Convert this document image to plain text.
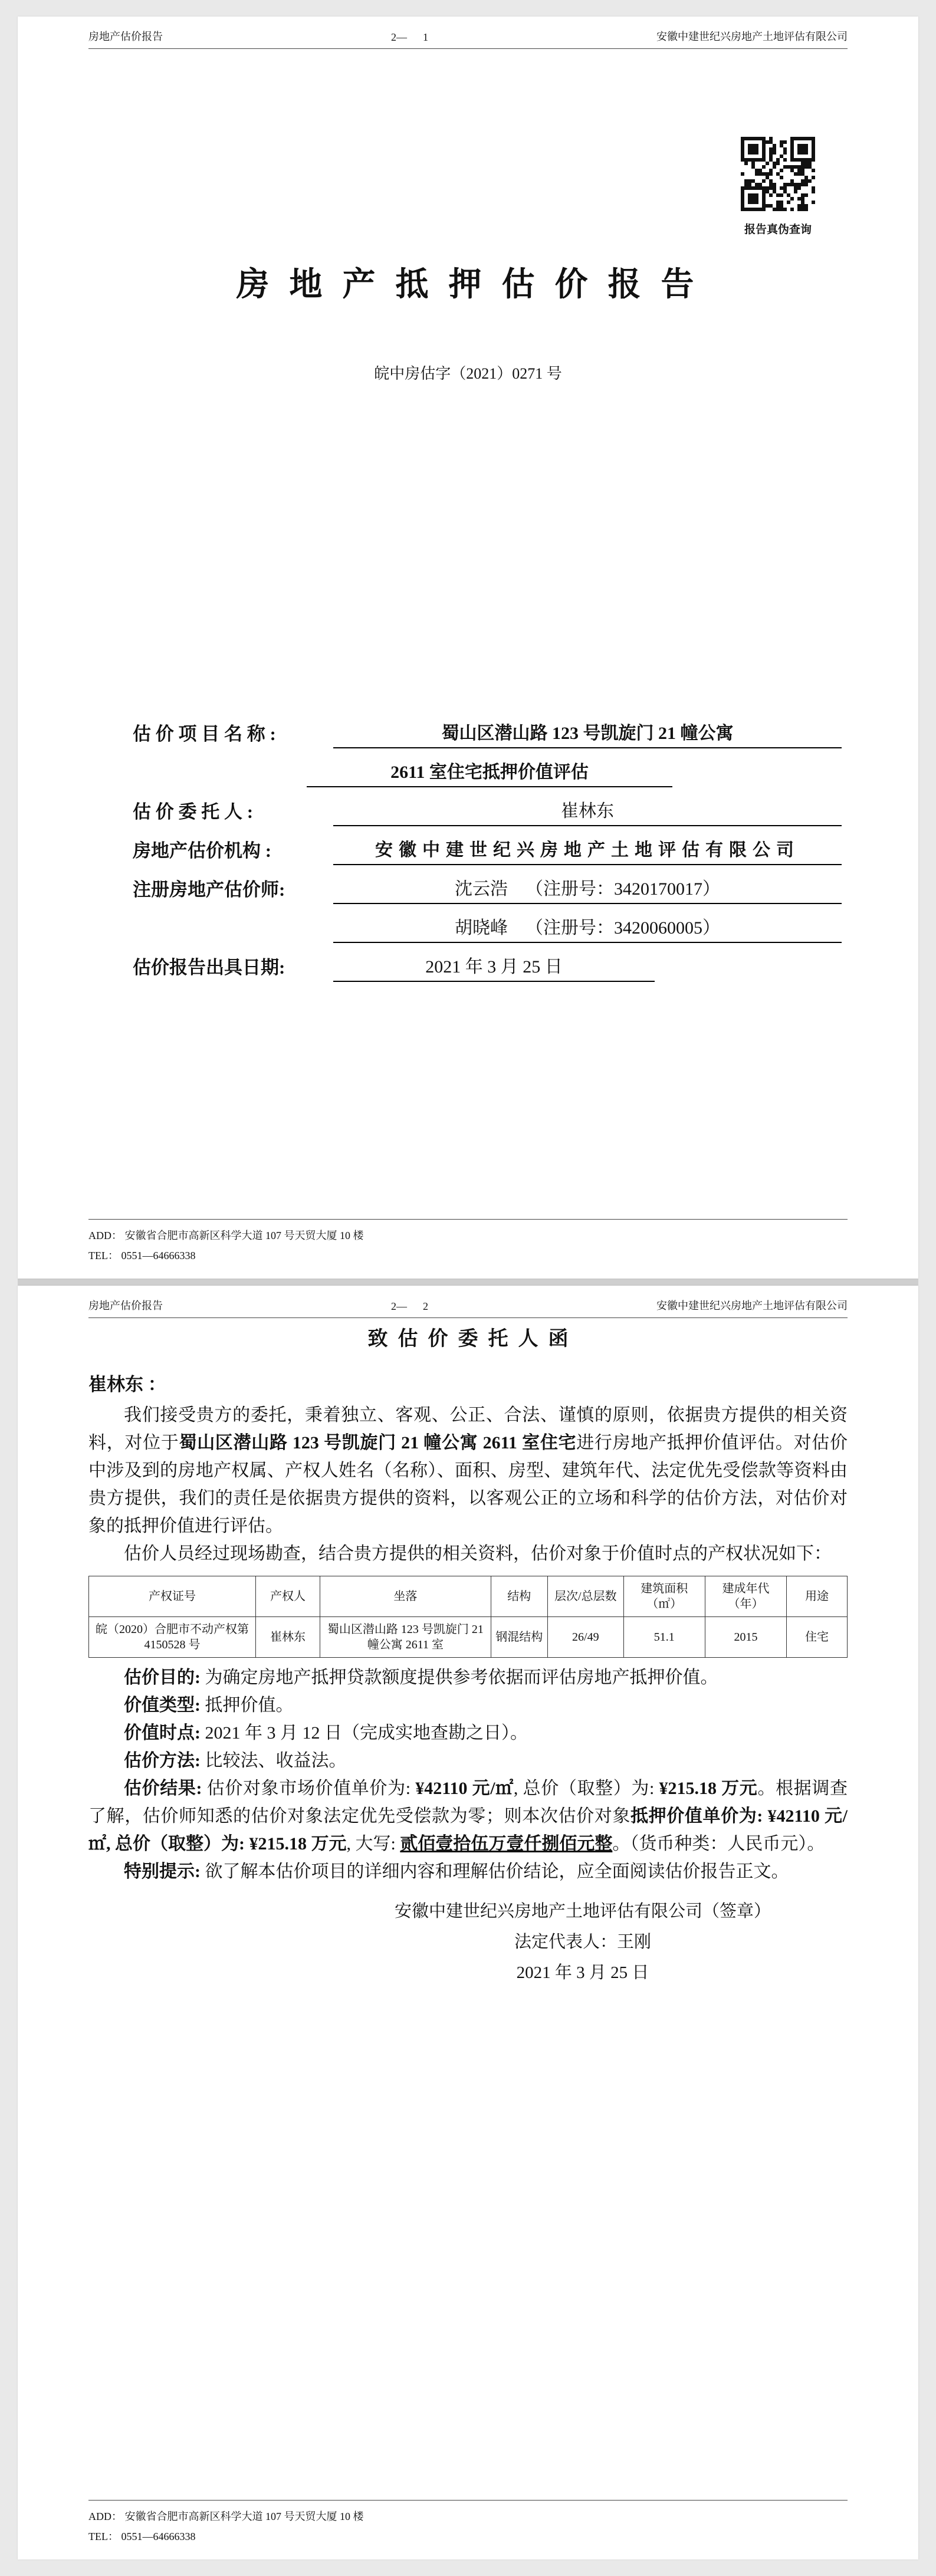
房地产估价报告	2—      1	安徽中建世纪兴房地产土地评估有限公司
报告真伪查询
房 地 产 抵 押 估 价 报 告
皖中房估字（2021）0271 号
估 价 项 目 名 称 :	蜀山区潜山路 123 号凯旋门 21 幢公寓
2611 室住宅抵押价值评估
估 价 委 托 人 :	崔林东
房地产估价机构 :	安徽中建世纪兴房地产土地评估有限公司
注册房地产估价师:	沈云浩    （注册号：3420170017）
胡晓峰    （注册号：3420060005）
估价报告出具日期:	2021 年 3 月 25 日
ADD： 安徽省合肥市高新区科学大道 107 号天贸大厦 10 楼
TEL： 0551—64666338
房地产估价报告	2—      2	安徽中建世纪兴房地产土地评估有限公司
致  估  价  委  托  人  函
崔林东 ：

我们接受贵方的委托，秉着独立、客观、公正、合法、谨慎的原则，依据贵方提供的相关资料，对位于蜀山区潜山路 123 号凯旋门 21 幢公寓 2611 室住宅进行房地产抵押价值评估。对估价中涉及到的房地产权属、产权人姓名（名称）、面积、房型、建筑年代、法定优先受偿款等资料由贵方提供，我们的责任是依据贵方提供的资料，以客观公正的立场和科学的估价方法，对估价对象的抵押价值进行评估。

估价人员经过现场勘查，结合贵方提供的相关资料，估价对象于价值时点的产权状况如下：

产权证号	产权人	坐落	结构	层次/总层数	建筑面积（㎡）	建成年代（年）	用途
皖（2020）合肥市不动产权第 4150528 号	崔林东	蜀山区潜山路 123 号凯旋门 21 幢公寓 2611 室	钢混结构	26/49	51.1	2015	住宅

估价目的: 为确定房地产抵押贷款额度提供参考依据而评估房地产抵押价值。

价值类型: 抵押价值。

价值时点: 2021 年 3 月 12 日（完成实地查勘之日）。

估价方法: 比较法、收益法。

估价结果: 估价对象市场价值单价为: ¥42110 元/㎡, 总价（取整）为: ¥215.18 万元。根据调查了解，估价师知悉的估价对象法定优先受偿款为零；则本次估价对象抵押价值单价为: ¥42110 元/㎡, 总价（取整）为: ¥215.18 万元, 大写: 贰佰壹拾伍万壹仟捌佰元整。（货币种类：人民币元）。

特别提示: 欲了解本估价项目的详细内容和理解估价结论，应全面阅读估价报告正文。

安徽中建世纪兴房地产土地评估有限公司（签章）
法定代表人：王刚
2021 年 3 月 25 日
ADD： 安徽省合肥市高新区科学大道 107 号天贸大厦 10 楼
TEL： 0551—64666338
